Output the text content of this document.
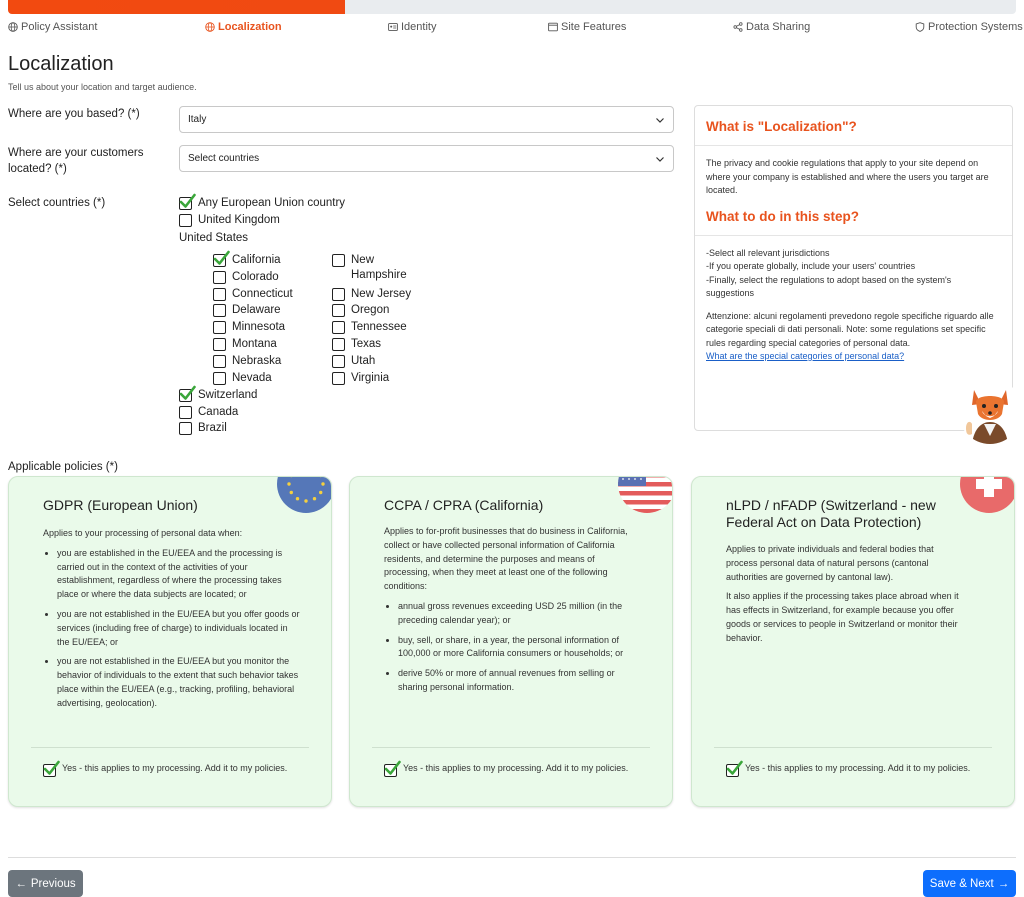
Policy Assistant	Localization	Identity	Site Features	Data Sharing	Protection Systems
Localization
Tell us about your location and target audience.
Where are you based? (*)	Italy
Where are your customers located? (*)
Select countries
Select countries (*)	Any European Union country
United Kingdom
United States
California
Colorado
Connecticut
Delaware
Minnesota
Montana
Nebraska
Nevada
New Hampshire
New Jersey
Oregon
Tennessee
Texas
Utah
Virginia
Switzerland
Canada
Brazil
What is "Localization"?

The privacy and cookie regulations that apply to your site depend on where your company is established and where the users you target are located.

What to do in this step?

-Select all relevant jurisdictions

-If you operate globally, include your users' countries

-Finally, select the regulations to adopt based on the system's suggestions

Attenzione: alcuni regolamenti prevedono regole specifiche riguardo alle categorie speciali di dati personali. Note: some regulations set specific rules regarding special categories of personal data.

What are the special categories of personal data?

Applicable policies (*)
GDPR (European Union)
Applies to your processing of personal data when:
• you are established in the EU/EEA and the processing is carried out in the context of the activities of your establishment, regardless of where the processing takes place or where the data subjects are located; or
• you are not established in the EU/EEA but you offer goods or services (including free of charge) to individuals located in the EU/EEA; or
• you are not established in the EU/EEA but you monitor the behavior of individuals to the extent that such behavior takes place within the EU/EEA (e.g., tracking, profiling, behavioral advertising, geolocation).
Yes - this applies to my processing. Add it to my policies.
CCPA / CPRA (California)
Applies to for-profit businesses that do business in California, collect or have collected personal information of California residents, and determine the purposes and means of processing, when they meet at least one of the following conditions:
• annual gross revenues exceeding USD 25 million (in the preceding calendar year); or
• buy, sell, or share, in a year, the personal information of 100,000 or more California consumers or households; or
• derive 50% or more of annual revenues from selling or sharing personal information.
Yes - this applies to my processing. Add it to my policies.
nLPD / nFADP (Switzerland - new Federal Act on Data Protection)

Applies to private individuals and federal bodies that process personal data of natural persons (cantonal authorities are governed by cantonal law).

It also applies if the processing takes place abroad when it has effects in Switzerland, for example because you offer goods or services to people in Switzerland or monitor their behavior.

Yes - this applies to my processing. Add it to my policies.
← Previous	Save & Next →
